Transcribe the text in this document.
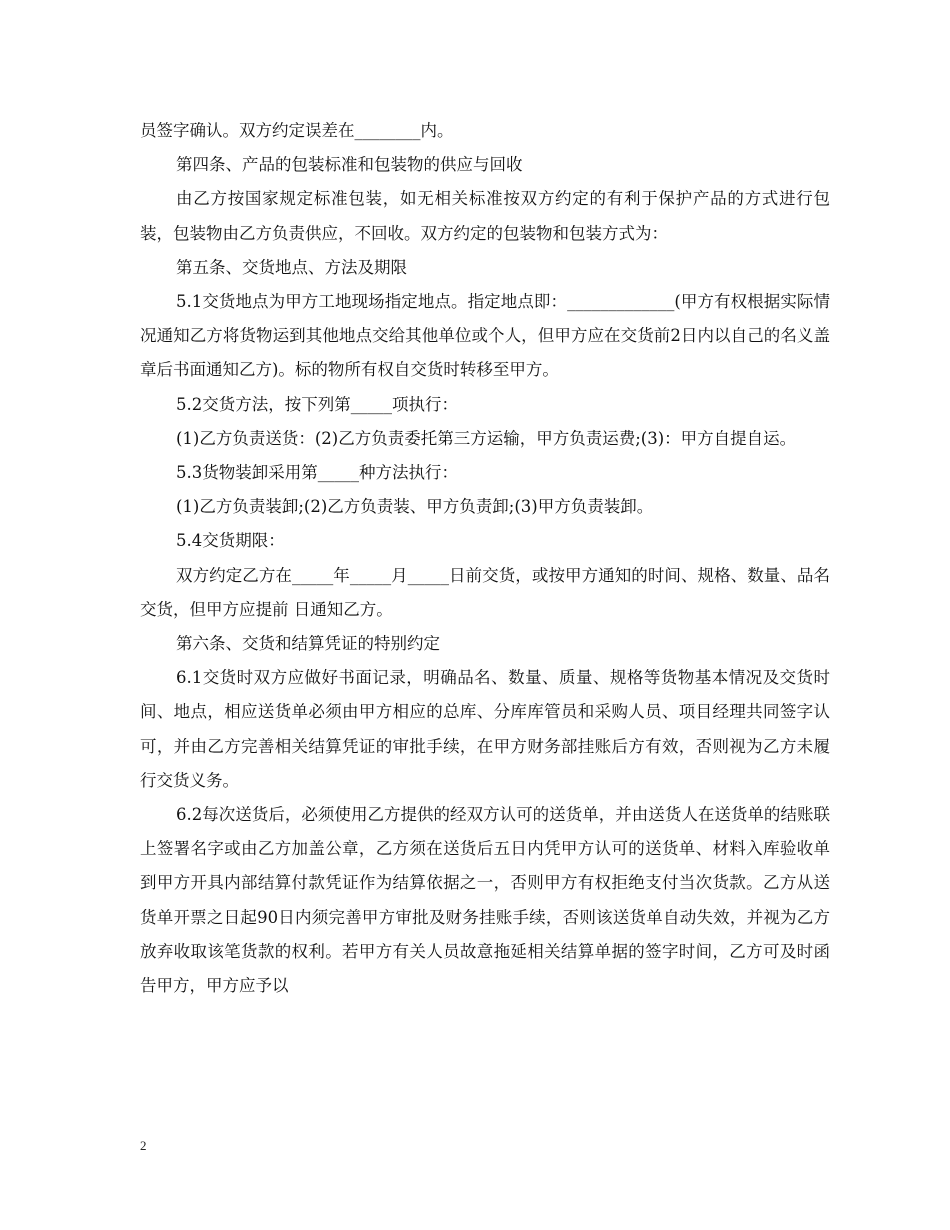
员签字确认。双方约定误差在________内。

第四条、产品的包装标准和包装物的供应与回收

由乙方按国家规定标准包装，如无相关标准按双方约定的有利于保护产品的方式进行包装，包装物由乙方负责供应，不回收。双方约定的包装物和包装方式为：

第五条、交货地点、方法及期限

5.1交货地点为甲方工地现场指定地点。指定地点即：_____________(甲方有权根据实际情况通知乙方将货物运到其他地点交给其他单位或个人，但甲方应在交货前2日内以自己的名义盖章后书面通知乙方)。标的物所有权自交货时转移至甲方。

5.2交货方法，按下列第_____项执行：

(1)乙方负责送货：(2)乙方负责委托第三方运输，甲方负责运费;(3)：甲方自提自运。

5.3货物装卸采用第_____种方法执行：

(1)乙方负责装卸;(2)乙方负责装、甲方负责卸;(3)甲方负责装卸。

5.4交货期限：

双方约定乙方在_____年_____月_____日前交货，或按甲方通知的时间、规格、数量、品名交货，但甲方应提前 日通知乙方。

第六条、交货和结算凭证的特别约定

6.1交货时双方应做好书面记录，明确品名、数量、质量、规格等货物基本情况及交货时间、地点，相应送货单必须由甲方相应的总库、分库库管员和采购人员、项目经理共同签字认可，并由乙方完善相关结算凭证的审批手续，在甲方财务部挂账后方有效，否则视为乙方未履行交货义务。

6.2每次送货后，必须使用乙方提供的经双方认可的送货单，并由送货人在送货单的结账联上签署名字或由乙方加盖公章，乙方须在送货后五日内凭甲方认可的送货单、材料入库验收单到甲方开具内部结算付款凭证作为结算依据之一，否则甲方有权拒绝支付当次货款。乙方从送货单开票之日起90日内须完善甲方审批及财务挂账手续，否则该送货单自动失效，并视为乙方放弃收取该笔货款的权利。若甲方有关人员故意拖延相关结算单据的签字时间，乙方可及时函告甲方，甲方应予以

2
